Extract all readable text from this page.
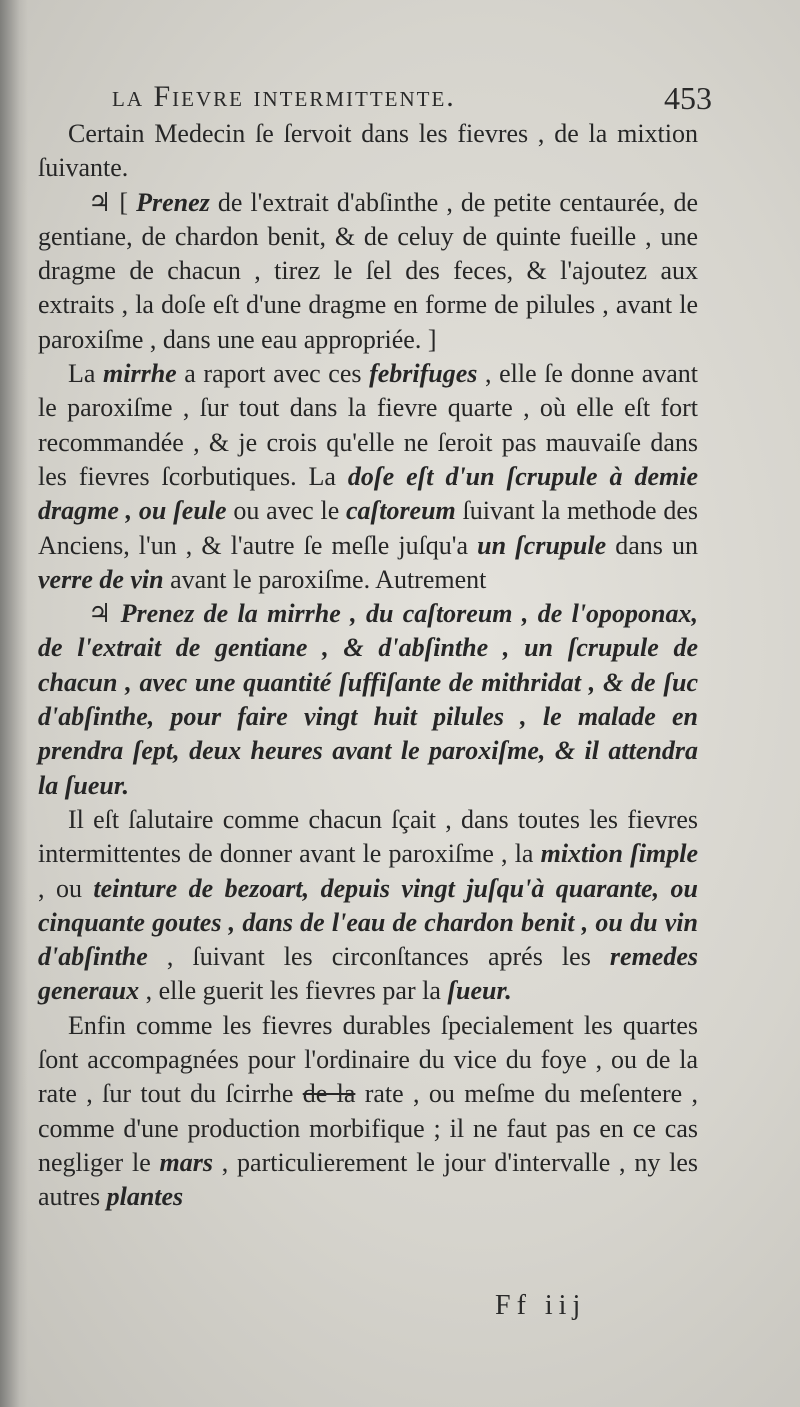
la Fievre intermittente.	453

Certain Medecin ſe ſervoit dans les fievres , de la mixtion ſuivante.

♃ [ Prenez de l'extrait d'abſinthe , de petite centaurée, de gentiane, de chardon benit, & de celuy de quinte fueille , une dragme de chacun , tirez le ſel des feces, & l'ajoutez aux extraits , la doſe eſt d'une dragme en forme de pilules , avant le paroxiſme , dans une eau appropriée. ]

La mirrhe a raport avec ces febrifuges , elle ſe donne avant le paroxiſme , ſur tout dans la fievre quarte , où elle eſt fort recommandée , & je crois qu'elle ne ſeroit pas mauvaiſe dans les fievres ſcorbutiques. La doſe eſt d'un ſcrupule à demie dragme , ou ſeule ou avec le caſtoreum ſuivant la methode des Anciens, l'un , & l'autre ſe meſle juſqu'a un ſcrupule dans un verre de vin avant le paroxiſme. Autrement

♃ Prenez de la mirrhe , du caſtoreum , de l'opoponax, de l'extrait de gentiane , & d'abſinthe , un ſcrupule de chacun , avec une quantité ſuffiſante de mithridat , & de ſuc d'abſinthe, pour faire vingt huit pilules , le malade en prendra ſept, deux heures avant le paroxiſme, & il attendra la ſueur.

Il eſt ſalutaire comme chacun ſçait , dans toutes les fievres intermittentes de donner avant le paroxiſme , la mixtion ſimple , ou teinture de bezoart, depuis vingt juſqu'à quarante, ou cinquante goutes , dans de l'eau de chardon benit , ou du vin d'abſinthe , ſuivant les circonſtances aprés les remedes generaux , elle guerit les fievres par la ſueur.

Enfin comme les fievres durables ſpecialement les quartes ſont accompagnées pour l'ordinaire du vice du foye , ou de la rate , ſur tout du ſcirrhe de la rate , ou meſme du meſentere , comme d'une production morbifique ; il ne faut pas en ce cas negliger le mars , particulierement le jour d'intervalle , ny les autres plantes

Ff iij
